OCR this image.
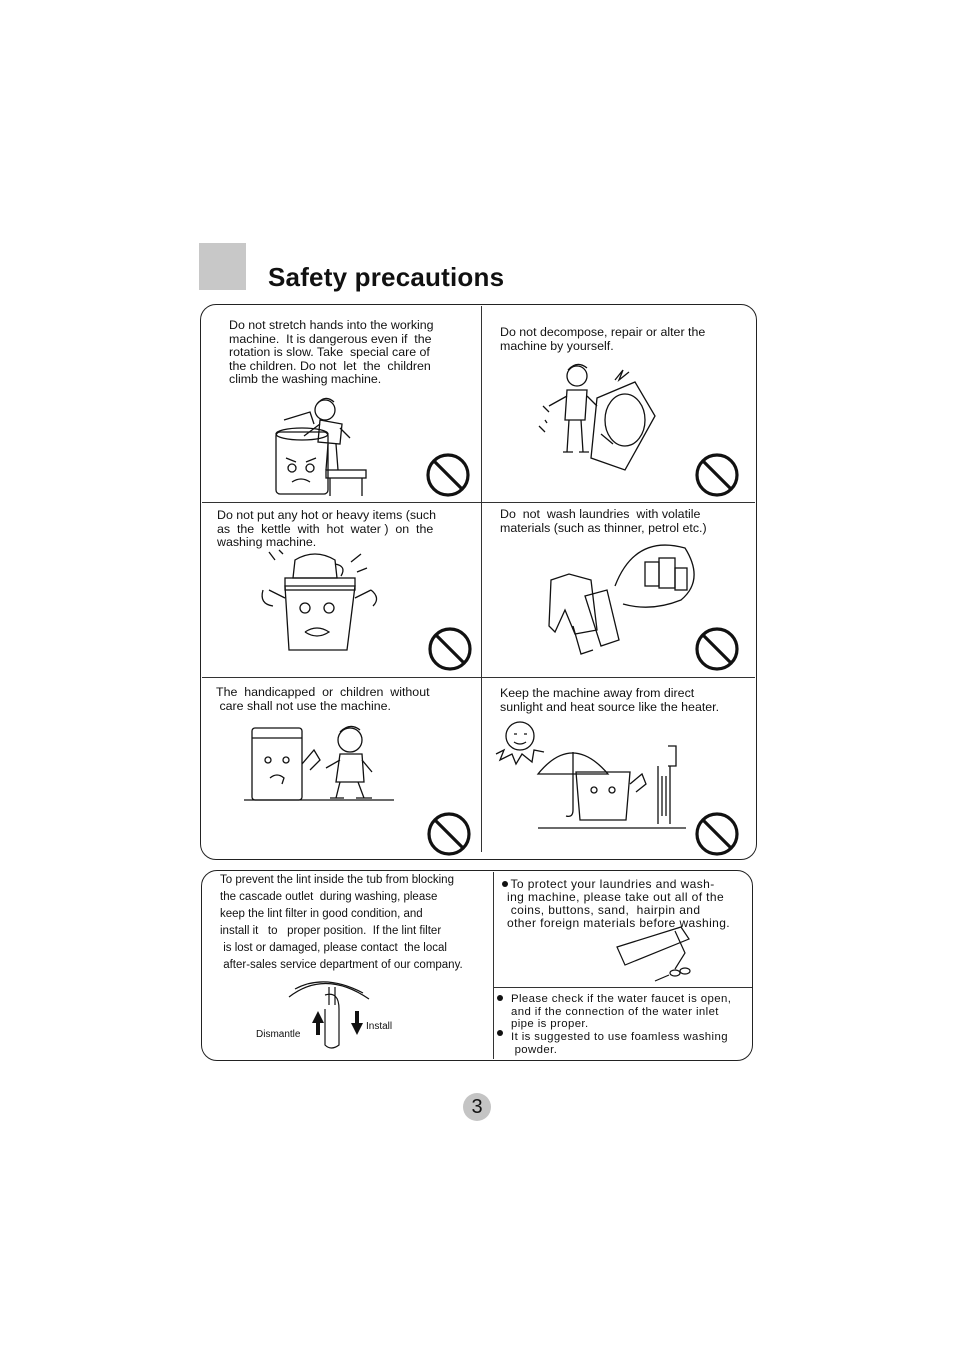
Safety precautions
Do not stretch hands into the working
machine.  It is dangerous even if  the
rotation is slow. Take  special care of
the children. Do not  let  the  children
climb the washing machine.
Do not decompose, repair or alter the
machine by yourself.
Do not put any hot or heavy items (such
as  the  kettle  with  hot  water )  on  the
washing machine.
Do  not  wash laundries  with volatile
materials (such as thinner, petrol etc.)
The  handicapped  or  children  without
care shall not use the machine.
Keep the machine away from direct
sunlight and heat source like the heater.
To prevent the lint inside the tub from blocking
the cascade outlet  during washing, please
keep the lint filter in good condition, and
install it   to   proper position.  If the lint filter
is lost or damaged, please contact  the local
after-sales service department of our company.
Dismantle
Install
To protect your laundries and wash-
ing machine, please take out all of the
coins, buttons, sand,  hairpin and
other foreign materials before washing.
Please check if the water faucet is open,
and if the connection of the water inlet
pipe is proper.
It is suggested to use foamless washing
powder.
3
